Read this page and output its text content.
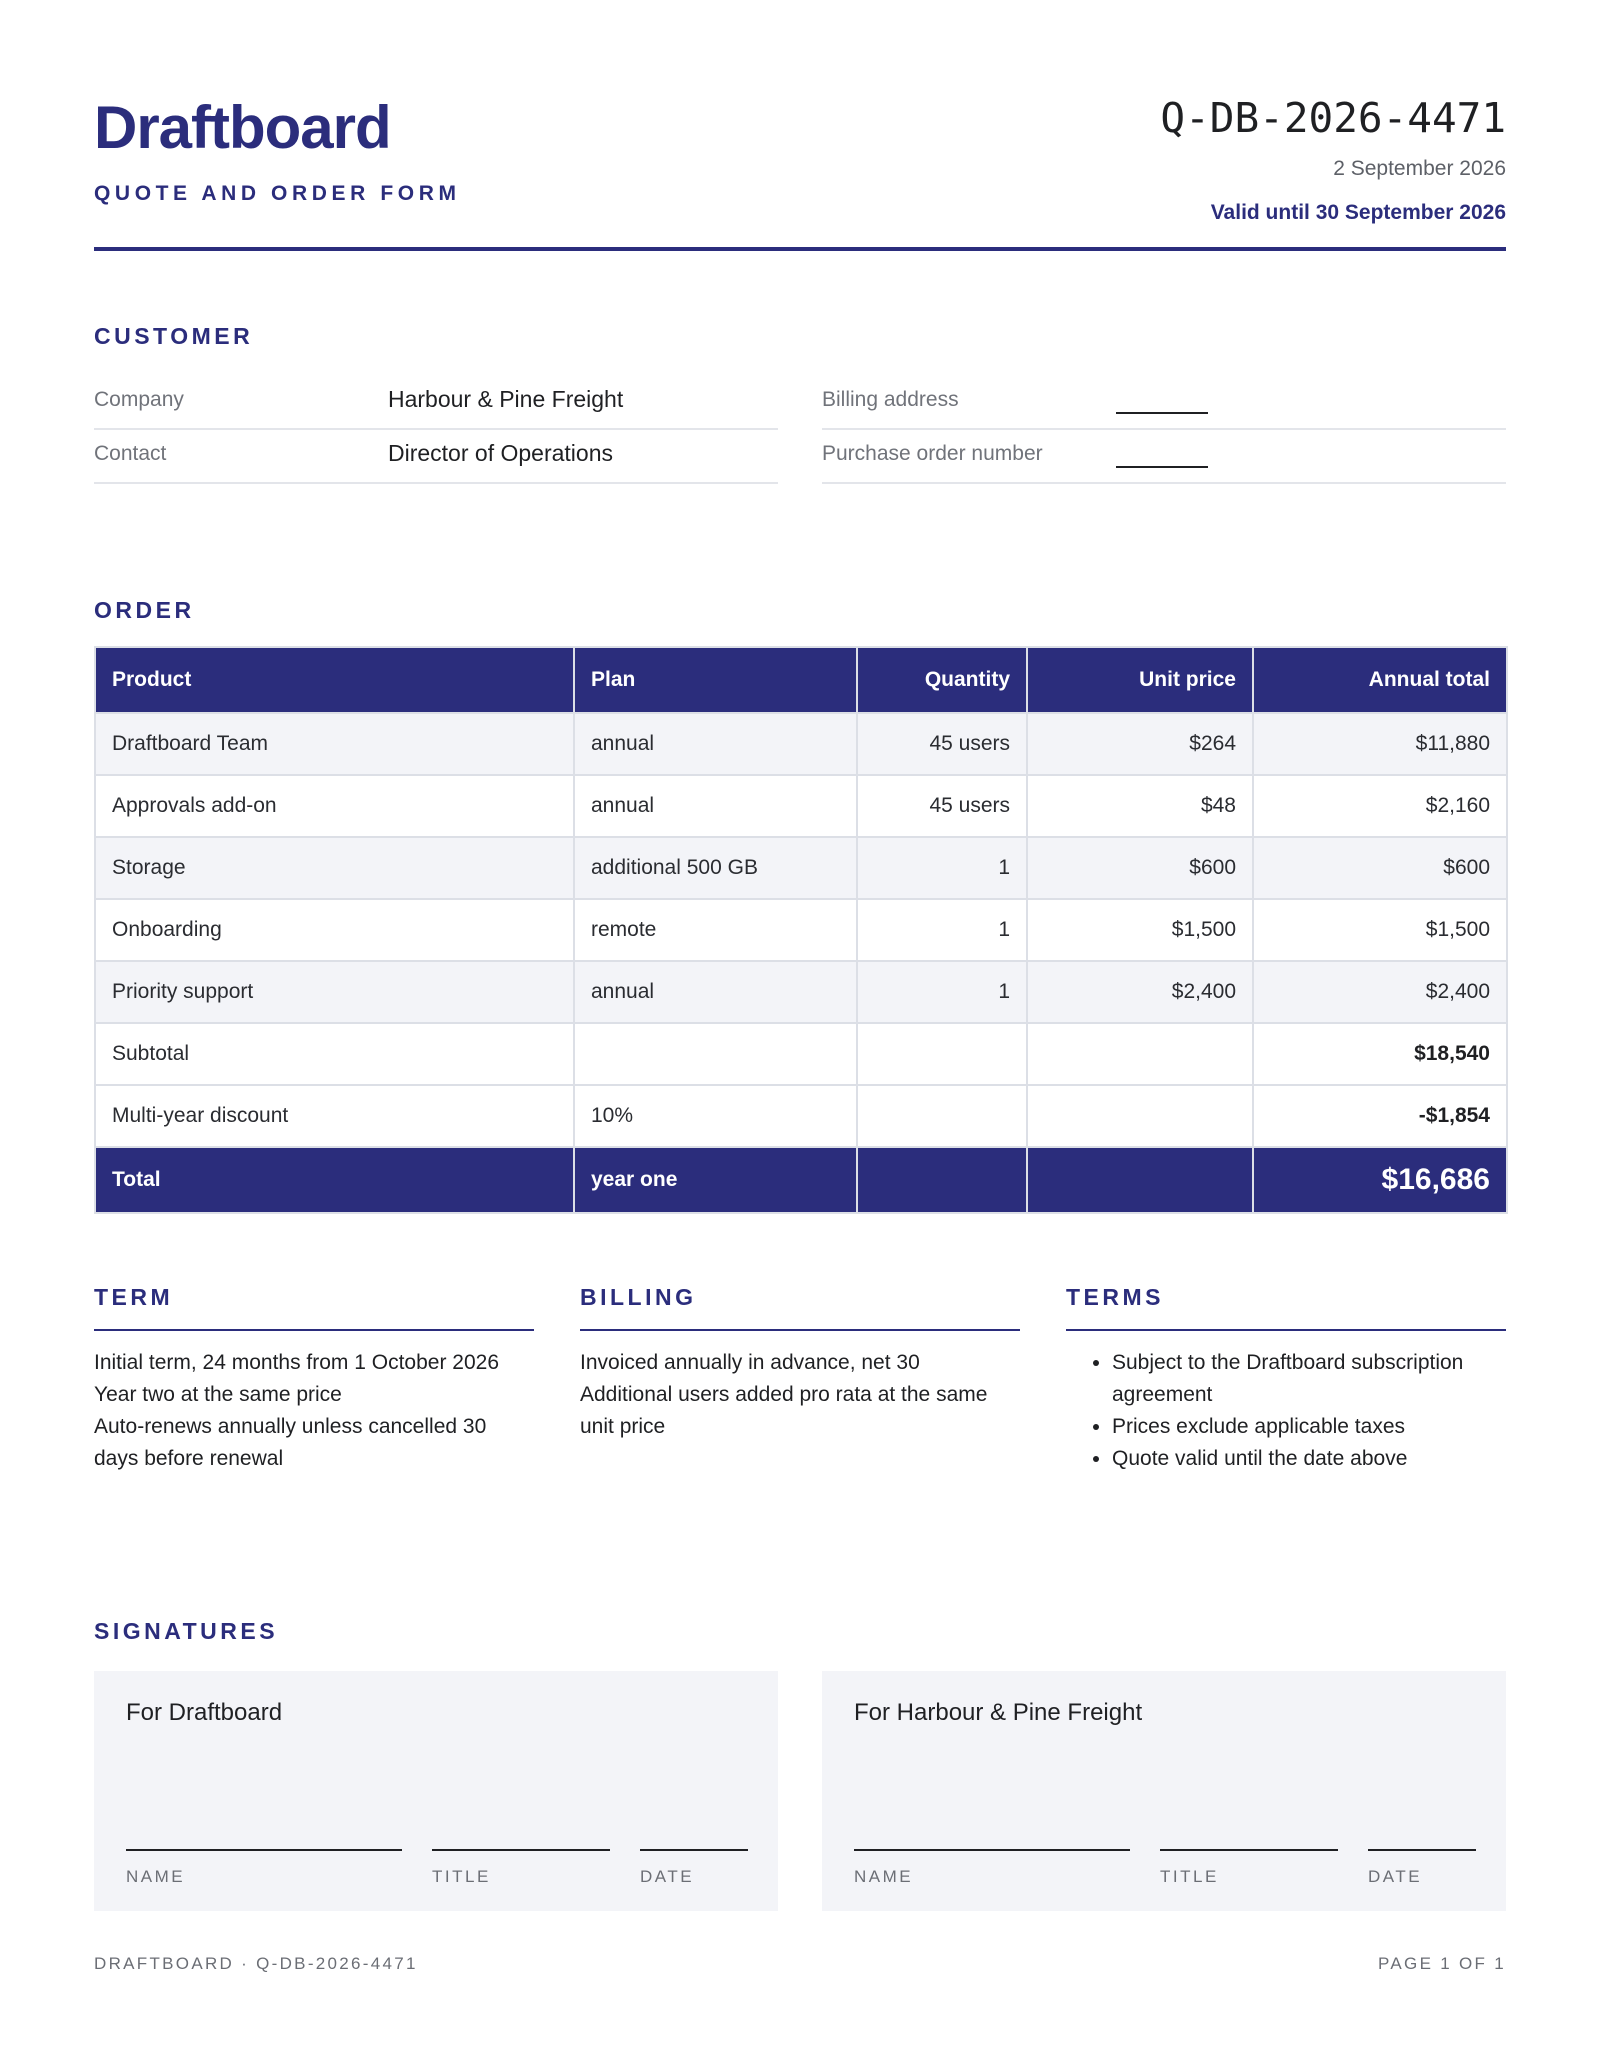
Draftboard
QUOTE AND ORDER FORM
Q-DB-2026-4471
2 September 2026
Valid until 30 September 2026
CUSTOMER
Company	Harbour & Pine Freight
Contact	Director of Operations
Billing address
Purchase order number
ORDER
Product	Plan	Quantity	Unit price	Annual total
Draftboard Team	annual	45 users	$264	$11,880
Approvals add-on	annual	45 users	$48	$2,160
Storage	additional 500 GB	1	$600	$600
Onboarding	remote	1	$1,500	$1,500
Priority support	annual	1	$2,400	$2,400
Subtotal				$18,540
Multi-year discount	10%			-$1,854
Total	year one			$16,686
TERM
Initial term, 24 months from 1 October 2026
Year two at the same price
Auto-renews annually unless cancelled 30 days before renewal
BILLING
Invoiced annually in advance, net 30
Additional users added pro rata at the same unit price
TERMS
• Subject to the Draftboard subscription agreement
• Prices exclude applicable taxes
• Quote valid until the date above
SIGNATURES
For Draftboard
NAME	TITLE	DATE
For Harbour & Pine Freight
NAME	TITLE	DATE
DRAFTBOARD · Q-DB-2026-4471	PAGE 1 OF 1
